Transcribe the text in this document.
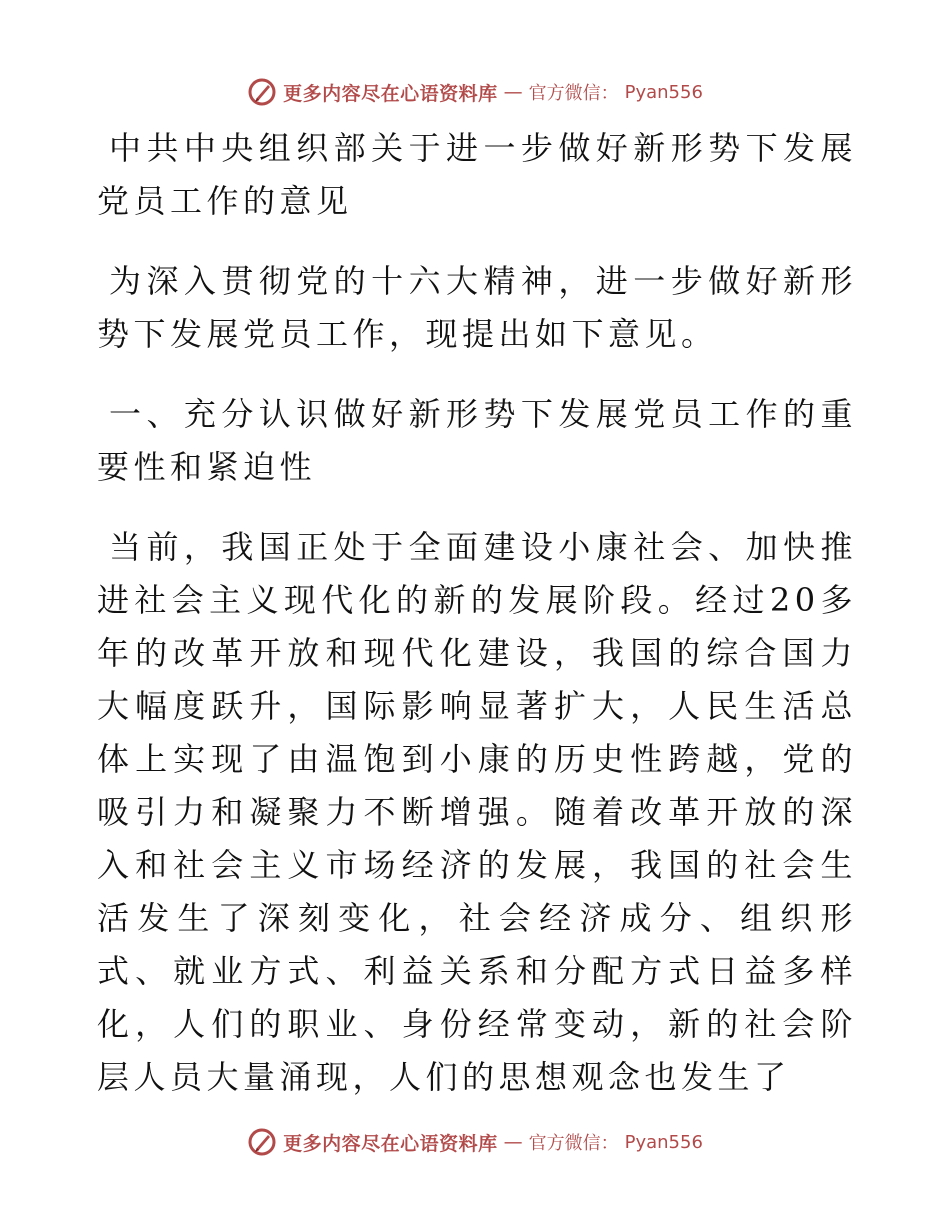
更多内容尽在心语资料库 — 官方微信： Pyan556

中共中央组织部关于进一步做好新形势下发展党员工作的意见

为深入贯彻党的十六大精神，进一步做好新形势下发展党员工作，现提出如下意见。

一、充分认识做好新形势下发展党员工作的重要性和紧迫性

当前，我国正处于全面建设小康社会、加快推进社会主义现代化的新的发展阶段。经过20多年的改革开放和现代化建设，我国的综合国力大幅度跃升，国际影响显著扩大，人民生活总体上实现了由温饱到小康的历史性跨越，党的吸引力和凝聚力不断增强。随着改革开放的深入和社会主义市场经济的发展，我国的社会生活发生了深刻变化，社会经济成分、组织形式、就业方式、利益关系和分配方式日益多样化，人们的职业、身份经常变动，新的社会阶层人员大量涌现，人们的思想观念也发生了

更多内容尽在心语资料库 — 官方微信： Pyan556
